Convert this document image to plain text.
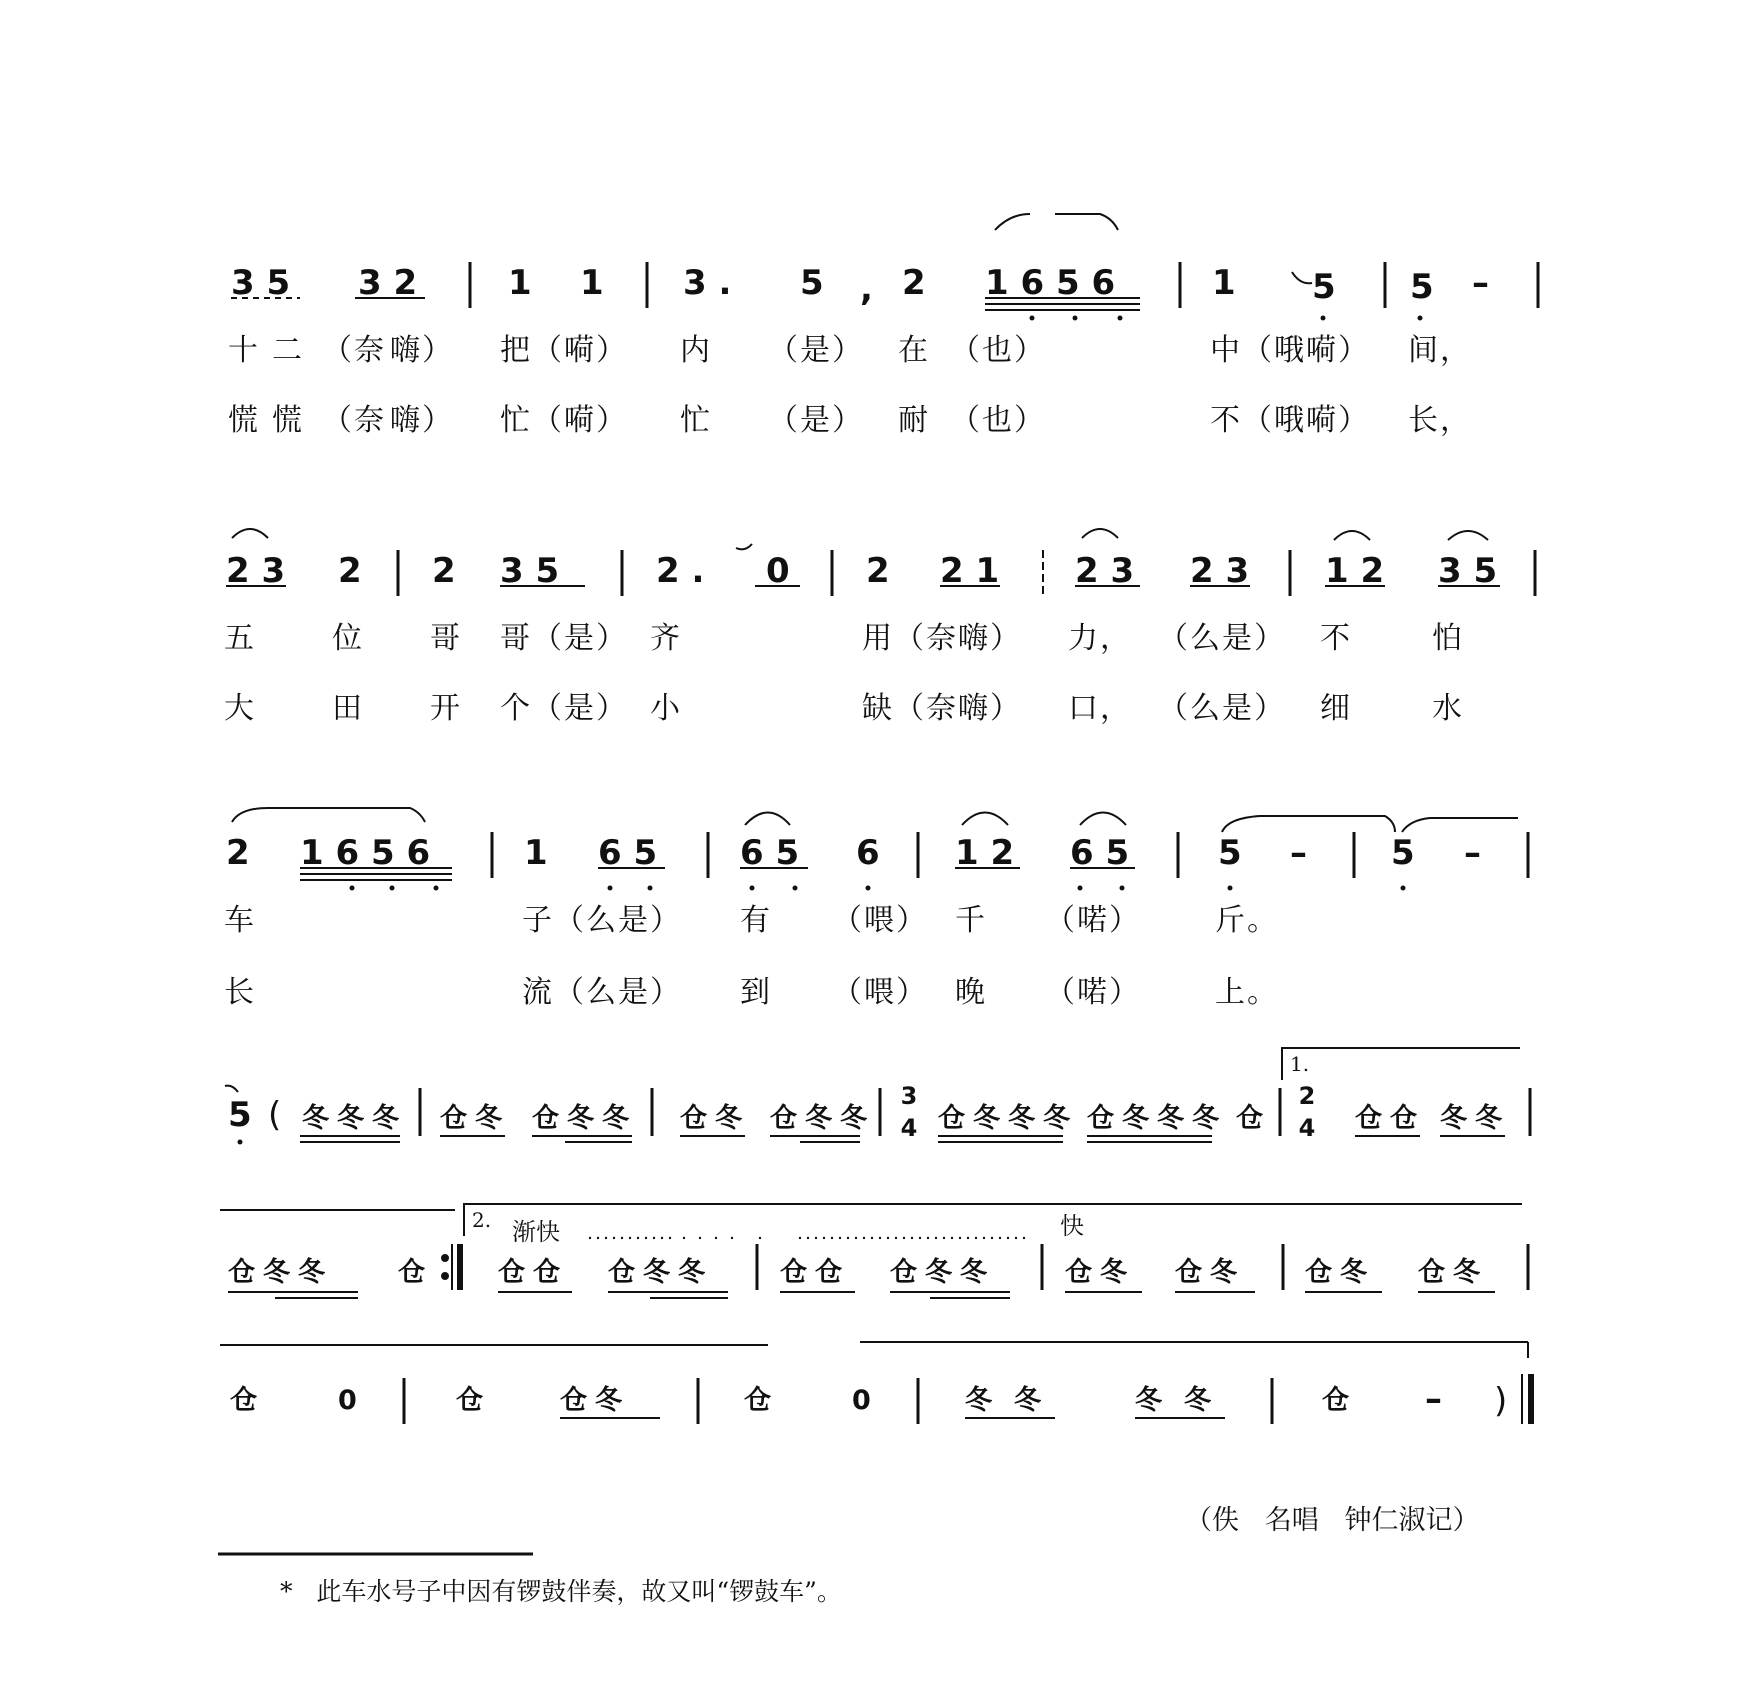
3 5 3 2	1 1 3 . 5 , 2 1 6 5 6	1 5 5 –
十 二 （奈 嗨） 把（嗬） 内 （是） 在 （也）	中（哦嗬） 间，
慌 慌 （奈 嗨） 忙（嗬） 忙 （是） 耐 （也）	不（哦嗬） 长，
2 3 2 2 3 5	2 . 0 2 2 1 2 3 2 3 1 2 3 5
五	位 哥 哥（是） 齐	用（奈嗨） 力， （么是） 不	怕
大	田 开 个（是） 小	缺（奈嗨） 口， （么是） 细	水
2 1 6 5 6	1 6 5 6 5 6 1 2 6 5	5 – 5 –
车	子（么是） 有 （喂） 千 （喏） 斤。
长	流（么是） 到 （喂） 晚 （喏） 上。
5 ( 冬冬冬 仓冬 仓冬冬 仓冬 仓冬冬
3
4 仓冬冬冬 仓冬冬冬 仓
1.
2
4 仓仓 冬冬
仓冬冬 仓
2. 渐快	快
仓仓 仓冬冬 仓仓 仓冬冬	仓冬 仓冬 仓冬 仓冬
仓	0	仓	仓冬	仓	0	冬冬	冬冬	仓 – )
（佚   名唱   钟仁淑记）
*   此车水号子中因有锣鼓伴奏，故又叫“锣鼓车”。
